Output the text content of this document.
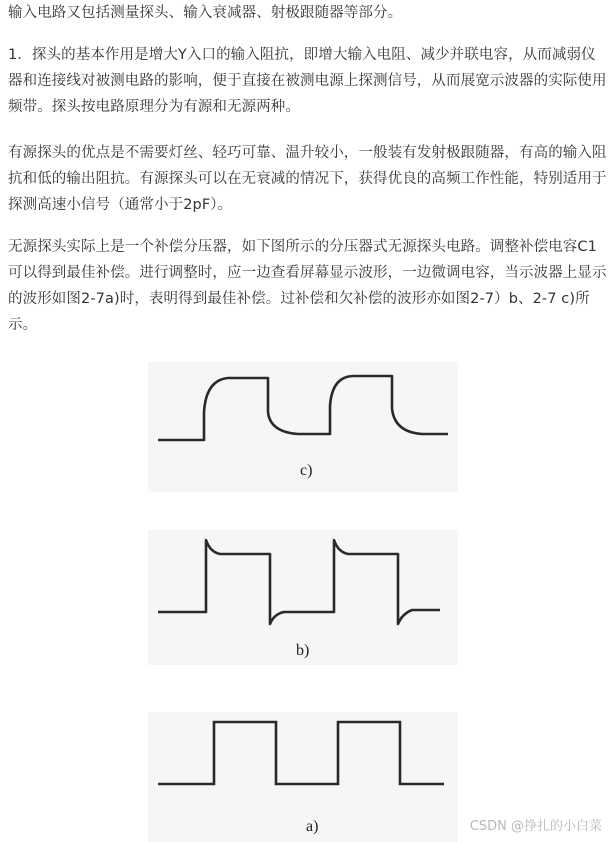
输入电路又包括测量探头、输入衰减器、射极跟随器等部分。

1．探头的基本作用是增大Y入口的输入阻抗，即增大输入电阻、减少并联电容，从而减弱仪器和连接线对被测电路的影响，便于直接在被测电源上探测信号，从而展宽示波器的实际使用频带。探头按电路原理分为有源和无源两种。

有源探头的优点是不需要灯丝、轻巧可靠、温升较小，一般装有发射极跟随器，有高的输入阻抗和低的输出阻抗。有源探头可以在无衰减的情况下，获得优良的高频工作性能，特别适用于探测高速小信号（通常小于2pF）。

无源探头实际上是一个补偿分压器，如下图所示的分压器式无源探头电路。调整补偿电容C1可以得到最佳补偿。进行调整时，应一边查看屏幕显示波形，一边微调电容，当示波器上显示的波形如图2-7a)时，表明得到最佳补偿。过补偿和欠补偿的波形亦如图2-7）b、2-7 c)所示。

c)
b)
a)	CSDN @挣扎的小白菜
